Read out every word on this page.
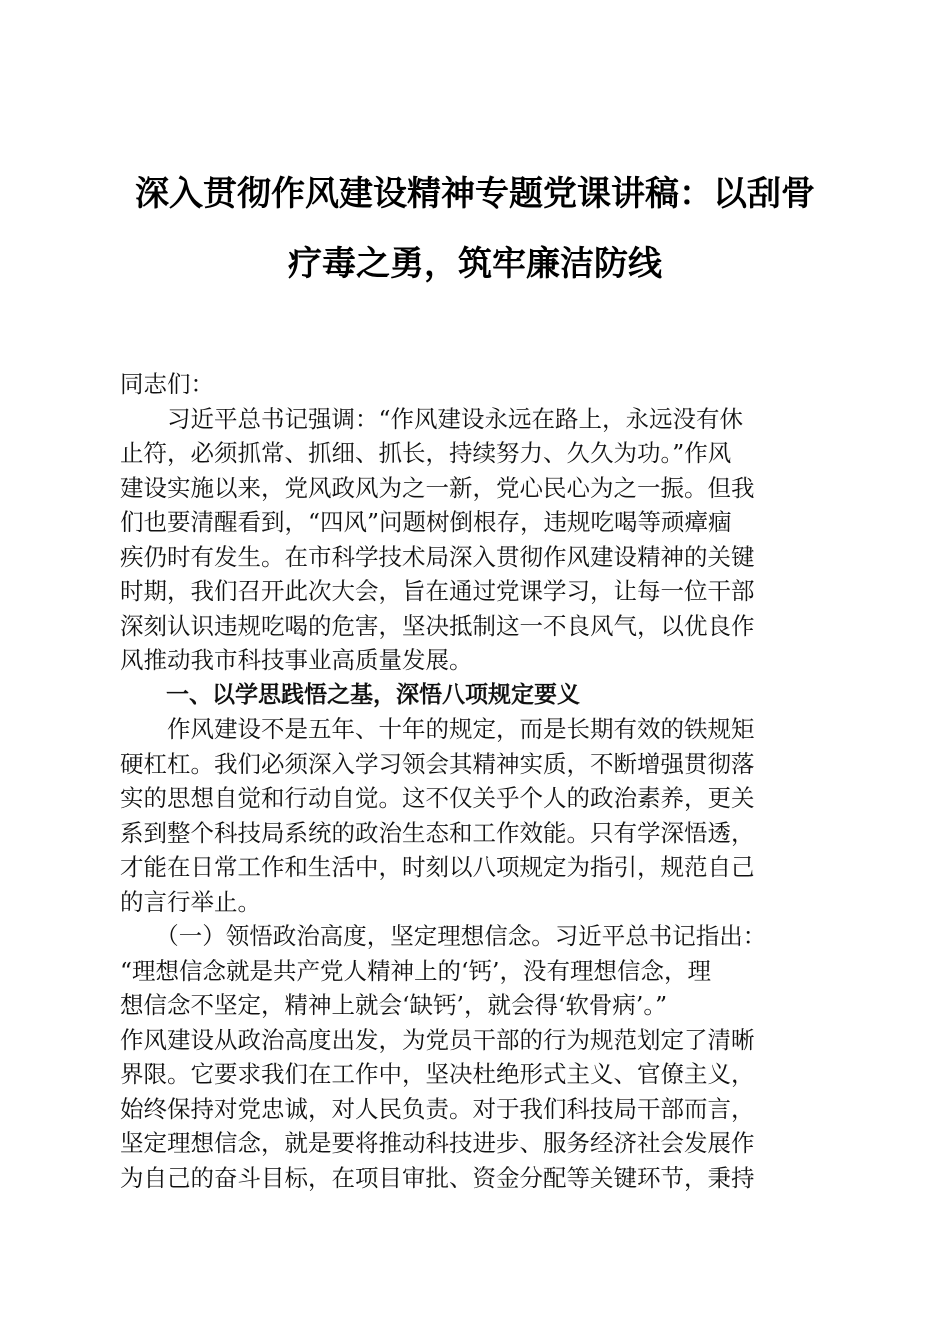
深入贯彻作风建设精神专题党课讲稿：以刮骨
疗毒之勇，筑牢廉洁防线
同志们：
　　习近平总书记强调：“作风建设永远在路上，永远没有休
止符，必须抓常、抓细、抓长，持续努力、久久为功。”作风
建设实施以来，党风政风为之一新，党心民心为之一振。但我
们也要清醒看到，“四风”问题树倒根存，违规吃喝等顽瘴痼
疾仍时有发生。在市科学技术局深入贯彻作风建设精神的关键
时期，我们召开此次大会，旨在通过党课学习，让每一位干部
深刻认识违规吃喝的危害，坚决抵制这一不良风气，以优良作
风推动我市科技事业高质量发展。
　　一、以学思践悟之基，深悟八项规定要义
　　作风建设不是五年、十年的规定，而是长期有效的铁规矩
硬杠杠。我们必须深入学习领会其精神实质，不断增强贯彻落
实的思想自觉和行动自觉。这不仅关乎个人的政治素养，更关
系到整个科技局系统的政治生态和工作效能。只有学深悟透，
才能在日常工作和生活中，时刻以八项规定为指引，规范自己
的言行举止。
　　（一）领悟政治高度，坚定理想信念。习近平总书记指出：
“理想信念就是共产党人精神上的‘钙’，没有理想信念，理
想信念不坚定，精神上就会‘缺钙’，就会得‘软骨病’。”
作风建设从政治高度出发，为党员干部的行为规范划定了清晰
界限。它要求我们在工作中，坚决杜绝形式主义、官僚主义，
始终保持对党忠诚，对人民负责。对于我们科技局干部而言，
坚定理想信念，就是要将推动科技进步、服务经济社会发展作
为自己的奋斗目标，在项目审批、资金分配等关键环节，秉持
